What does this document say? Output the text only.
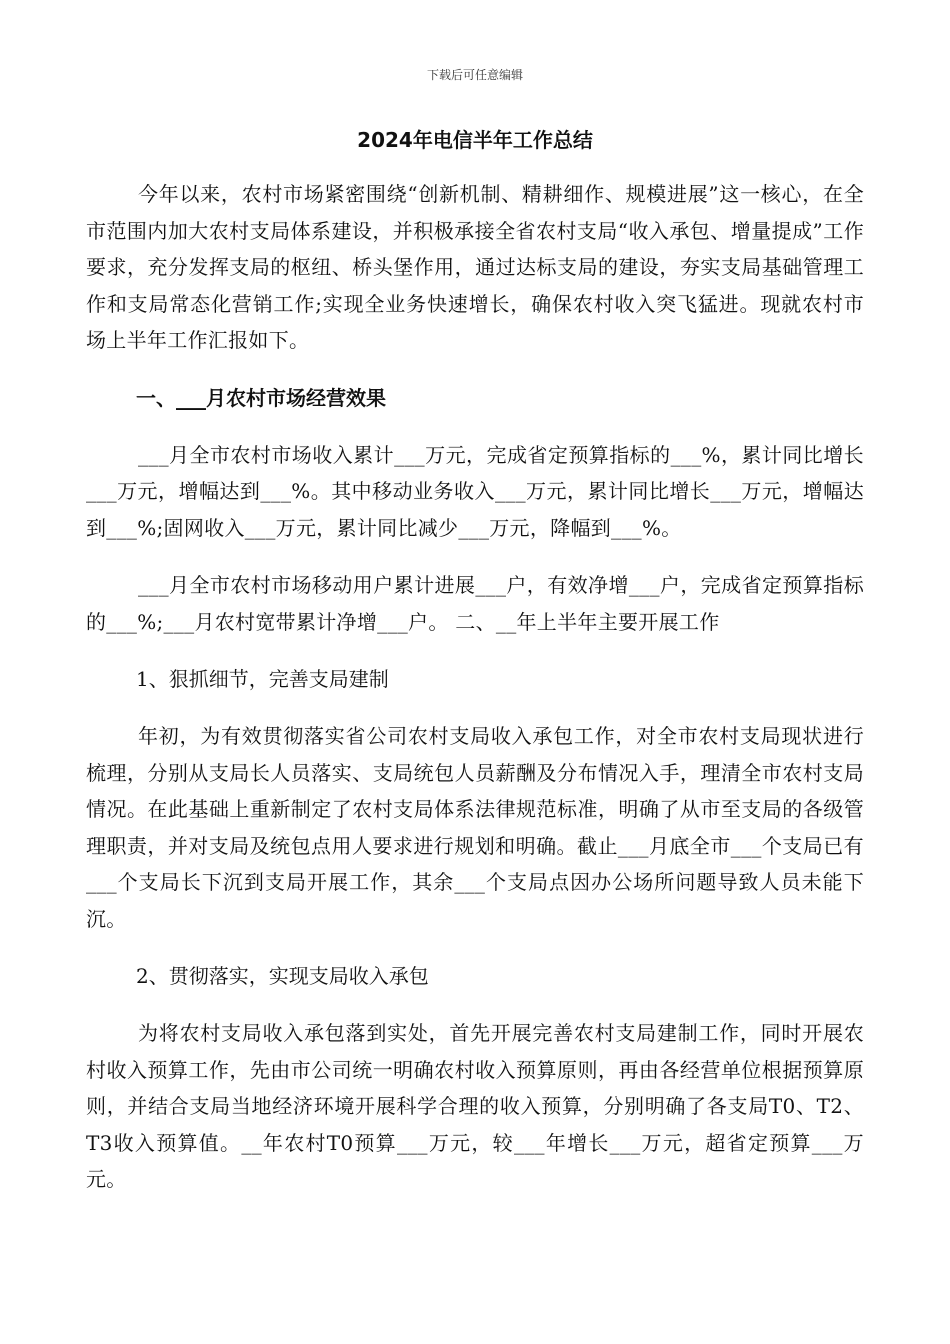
下载后可任意编辑
2024年电信半年工作总结

今年以来，农村市场紧密围绕“创新机制、精耕细作、规模进展”这一核心，在全市范围内加大农村支局体系建设，并积极承接全省农村支局“收入承包、增量提成”工作要求，充分发挥支局的枢纽、桥头堡作用，通过达标支局的建设，夯实支局基础管理工作和支局常态化营销工作;实现全业务快速增长，确保农村收入突飞猛进。现就农村市场上半年工作汇报如下。

一、___月农村市场经营效果

___月全市农村市场收入累计___万元，完成省定预算指标的___%，累计同比增长___万元，增幅达到___%。其中移动业务收入___万元，累计同比增长___万元，增幅达到___%;固网收入___万元，累计同比减少___万元，降幅到___%。

___月全市农村市场移动用户累计进展___户，有效净增___户，完成省定预算指标的___%;___月农村宽带累计净增___户。 二、__年上半年主要开展工作

1、狠抓细节，完善支局建制

年初，为有效贯彻落实省公司农村支局收入承包工作，对全市农村支局现状进行梳理，分别从支局长人员落实、支局统包人员薪酬及分布情况入手，理清全市农村支局情况。在此基础上重新制定了农村支局体系法律规范标准，明确了从市至支局的各级管理职责，并对支局及统包点用人要求进行规划和明确。截止___月底全市___个支局已有___个支局长下沉到支局开展工作，其余___个支局点因办公场所问题导致人员未能下沉。

2、贯彻落实，实现支局收入承包

为将农村支局收入承包落到实处，首先开展完善农村支局建制工作，同时开展农村收入预算工作，先由市公司统一明确农村收入预算原则，再由各经营单位根据预算原则，并结合支局当地经济环境开展科学合理的收入预算，分别明确了各支局T0、T2、T3收入预算值。__年农村T0预算___万元，较___年增长___万元，超省定预算___万元。
